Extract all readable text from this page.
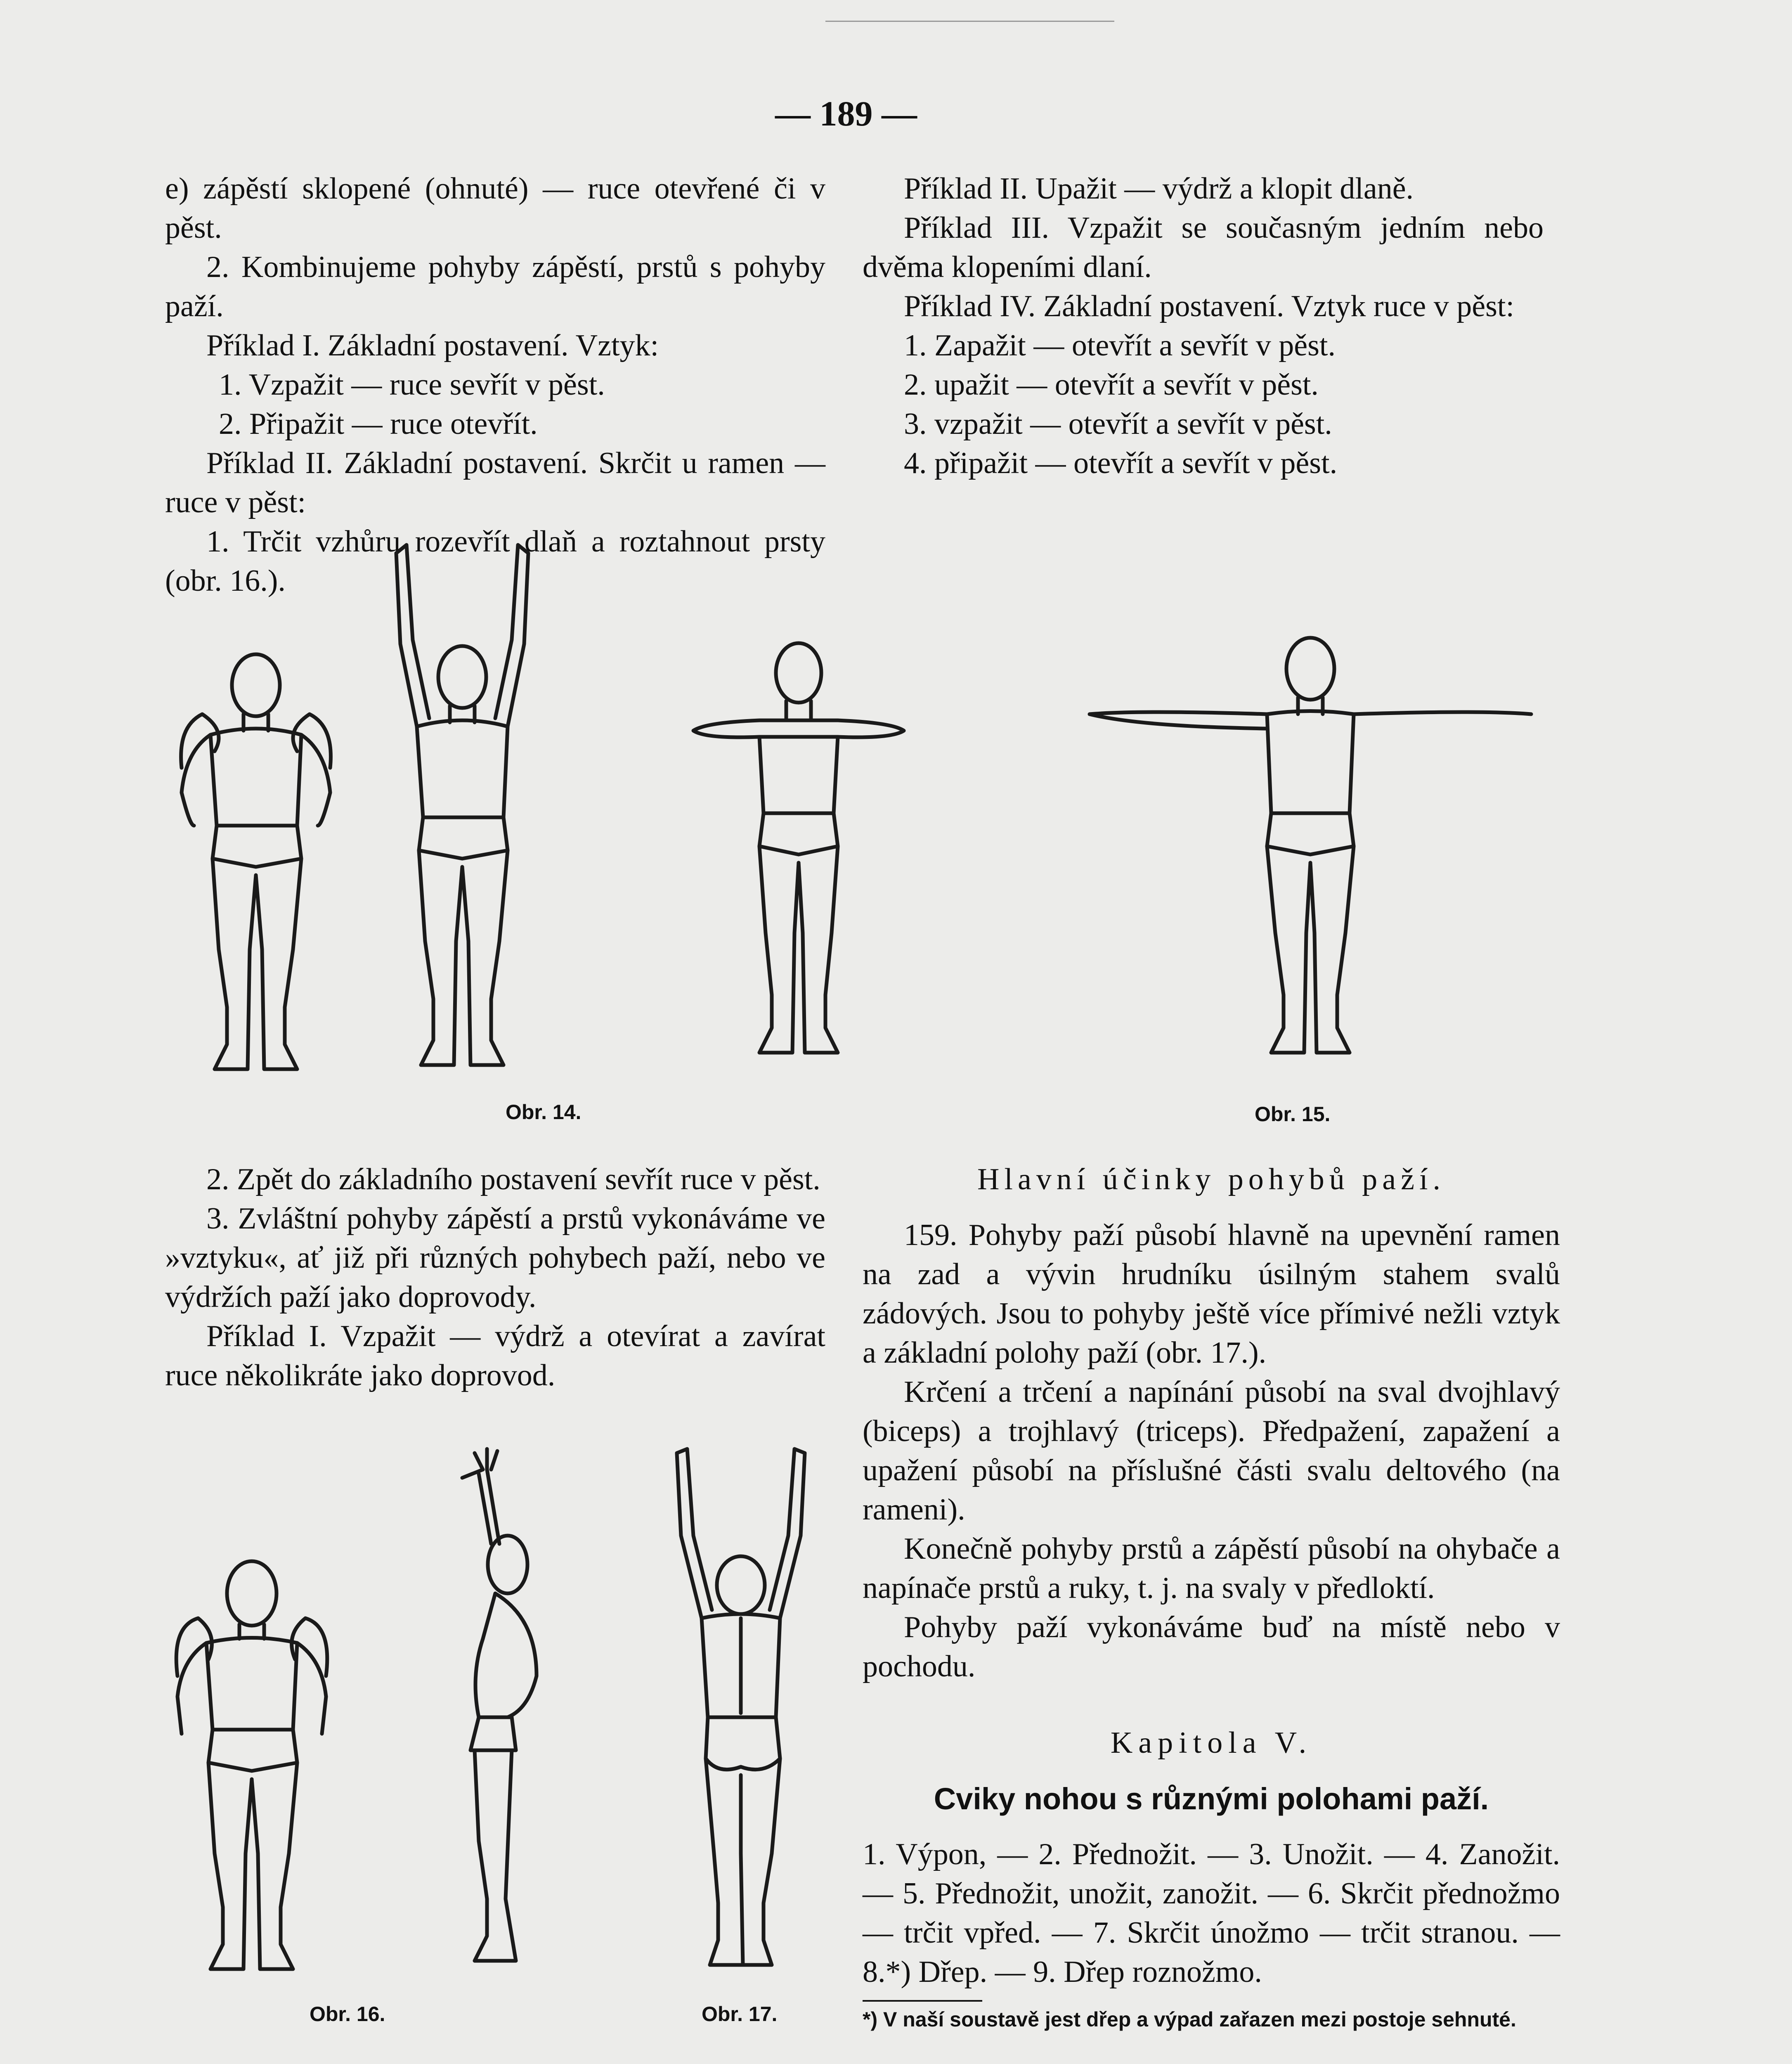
— 189 —

e) zápěstí sklopené (ohnuté) — ruce otevřené či v pěst.

2. Kombinujeme pohyby zápěstí, prstů s pohyby paží.

Příklad I. Základní postavení. Vztyk:

1. Vzpažit — ruce sevřít v pěst.

2. Připažit — ruce otevřít.

Příklad II. Základní postavení. Skrčit u ramen — ruce v pěst:

1. Trčit vzhůru rozevřít dlaň a roztahnout prsty (obr. 16.).

Příklad II. Upažit — výdrž a klopit dlaně.

Příklad III. Vzpažit se současným jedním nebo dvěma klopeními dlaní.

Příklad IV. Základní postavení. Vztyk ruce v pěst:

1. Zapažit — otevřít a sevřít v pěst.

2. upažit — otevřít a sevřít v pěst.

3. vzpažit — otevřít a sevřít v pěst.

4. připažit — otevřít a sevřít v pěst.

Obr. 14.	Obr. 15.

2. Zpět do základního postavení sevřít ruce v pěst.

3. Zvláštní pohyby zápěstí a prstů vykonáváme ve »vztyku«, ať již při různých pohybech paží, nebo ve výdržích paží jako doprovody.

Příklad I. Vzpažit — výdrž a otevírat a zavírat ruce několikráte jako doprovod.

Obr. 16.	Obr. 17.

Hlavní účinky pohybů paží.

159. Pohyby paží působí hlavně na upevnění ramen na zad a vývin hrudníku úsilným stahem svalů zádových. Jsou to pohyby ještě více přímivé nežli vztyk a základní polohy paží (obr. 17.).

Krčení a trčení a napínání působí na sval dvojhlavý (biceps) a trojhlavý (triceps). Předpažení, zapažení a upažení působí na příslušné části svalu deltového (na rameni).

Konečně pohyby prstů a zápěstí působí na ohybače a napínače prstů a ruky, t. j. na svaly v předloktí.

Pohyby paží vykonáváme buď na místě nebo v pochodu.

Kapitola V.

Cviky nohou s různými polohami paží.

1. Výpon, — 2. Přednožit. — 3. Unožit. — 4. Zanožit. — 5. Přednožit, unožit, zanožit. — 6. Skrčit přednožmo — trčit vpřed. — 7. Skrčit únožmo — trčit stranou. — 8.*) Dřep. — 9. Dřep roznožmo.

*) V naší soustavě jest dřep a výpad zařazen mezi postoje sehnuté.
